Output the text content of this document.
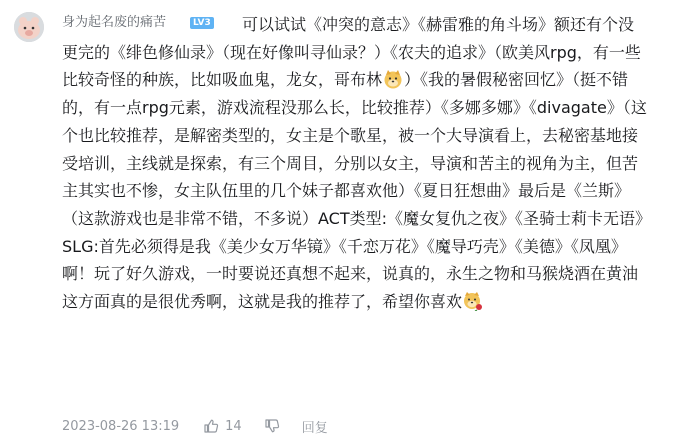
身为起名废的痛苦	LV3	可以试试《冲突的意志》《赫雷雅的角斗场》额还有个没更完的《绯色修仙录》（现在好像叫寻仙录？）《农夫的追求》（欧美风rpg，有一些比较奇怪的种族，比如吸血鬼，龙女，哥布林 ）《我的暑假秘密回忆》（挺不错的，有一点rpg元素，游戏流程没那么长，比较推荐）《多娜多娜》《divagate》（这个也比较推荐，是解密类型的，女主是个歌星，被一个大导演看上，去秘密基地接受培训，主线就是探索，有三个周目，分别以女主，导演和苦主的视角为主，但苦主其实也不惨，女主队伍里的几个妹子都喜欢他）《夏日狂想曲》最后是《兰斯》（这款游戏也是非常不错，不多说）ACT类型:《魔女复仇之夜》《圣骑士莉卡无语》SLG:首先必须得是我《美少女万华镜》《千恋万花》《魔导巧壳》《美德》《凤凰》啊！玩了好久游戏，一时要说还真想不起来，说真的，永生之物和马猴烧酒在黄油这方面真的是很优秀啊，这就是我的推荐了，希望你喜欢
2023-08-26 13:19	14	回复
